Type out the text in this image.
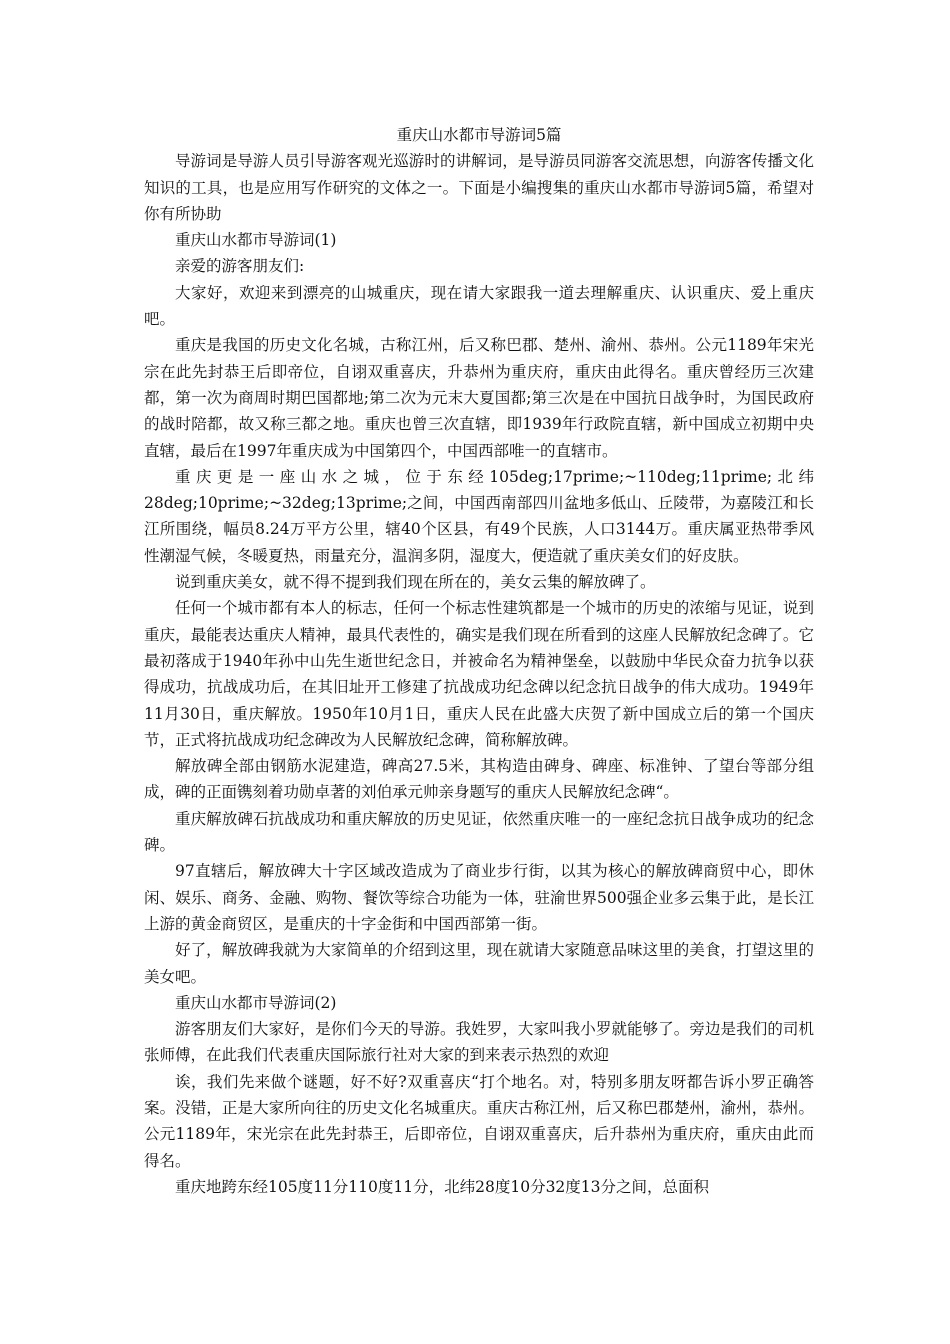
重庆山水都市导游词5篇

导游词是导游人员引导游客观光巡游时的讲解词，是导游员同游客交流思想，向游客传播文化知识的工具，也是应用写作研究的文体之一。下面是小编搜集的重庆山水都市导游词5篇，希望对你有所协助

重庆山水都市导游词(1)

亲爱的游客朋友们:

大家好，欢迎来到漂亮的山城重庆，现在请大家跟我一道去理解重庆、认识重庆、爱上重庆吧。

重庆是我国的历史文化名城，古称江州，后又称巴郡、楚州、渝州、恭州。公元1189年宋光宗在此先封恭王后即帝位，自诩双重喜庆，升恭州为重庆府，重庆由此得名。重庆曾经历三次建都，第一次为商周时期巴国都地;第二次为元末大夏国都;第三次是在中国抗日战争时，为国民政府的战时陪都，故又称三都之地。重庆也曾三次直辖，即1939年行政院直辖，新中国成立初期中央直辖，最后在1997年重庆成为中国第四个，中国西部唯一的直辖市。

重庆更是一座山水之城，位于东经105deg;17prime;~110deg;11prime;北纬28deg;10prime;~32deg;13prime;之间，中国西南部四川盆地多低山、丘陵带，为嘉陵江和长江所围绕，幅员8.24万平方公里，辖40个区县，有49个民族，人口3144万。重庆属亚热带季风性潮湿气候，冬暖夏热，雨量充分，温润多阴，湿度大，便造就了重庆美女们的好皮肤。

说到重庆美女，就不得不提到我们现在所在的，美女云集的解放碑了。

任何一个城市都有本人的标志，任何一个标志性建筑都是一个城市的历史的浓缩与见证，说到重庆，最能表达重庆人精神，最具代表性的，确实是我们现在所看到的这座人民解放纪念碑了。它最初落成于1940年孙中山先生逝世纪念日，并被命名为精神堡垒，以鼓励中华民众奋力抗争以获得成功，抗战成功后，在其旧址开工修建了抗战成功纪念碑以纪念抗日战争的伟大成功。1949年11月30日，重庆解放。1950年10月1日，重庆人民在此盛大庆贺了新中国成立后的第一个国庆节，正式将抗战成功纪念碑改为人民解放纪念碑，简称解放碑。

解放碑全部由钢筋水泥建造，碑高27.5米，其构造由碑身、碑座、标准钟、了望台等部分组成，碑的正面镌刻着功勋卓著的刘伯承元帅亲身题写的重庆人民解放纪念碑“。

重庆解放碑石抗战成功和重庆解放的历史见证，依然重庆唯一的一座纪念抗日战争成功的纪念碑。

97直辖后，解放碑大十字区域改造成为了商业步行街，以其为核心的解放碑商贸中心，即休闲、娱乐、商务、金融、购物、餐饮等综合功能为一体，驻渝世界500强企业多云集于此，是长江上游的黄金商贸区，是重庆的十字金街和中国西部第一街。

好了，解放碑我就为大家简单的介绍到这里，现在就请大家随意品味这里的美食，打望这里的美女吧。

重庆山水都市导游词(2)

游客朋友们大家好，是你们今天的导游。我姓罗，大家叫我小罗就能够了。旁边是我们的司机张师傅，在此我们代表重庆国际旅行社对大家的到来表示热烈的欢迎

诶，我们先来做个谜题，好不好?双重喜庆“打个地名。对，特别多朋友呀都告诉小罗正确答案。没错，正是大家所向往的历史文化名城重庆。重庆古称江州，后又称巴郡楚州，渝州，恭州。公元1189年，宋光宗在此先封恭王，后即帝位，自诩双重喜庆，后升恭州为重庆府，重庆由此而得名。

重庆地跨东经105度11分110度11分，北纬28度10分32度13分之间，总面积
